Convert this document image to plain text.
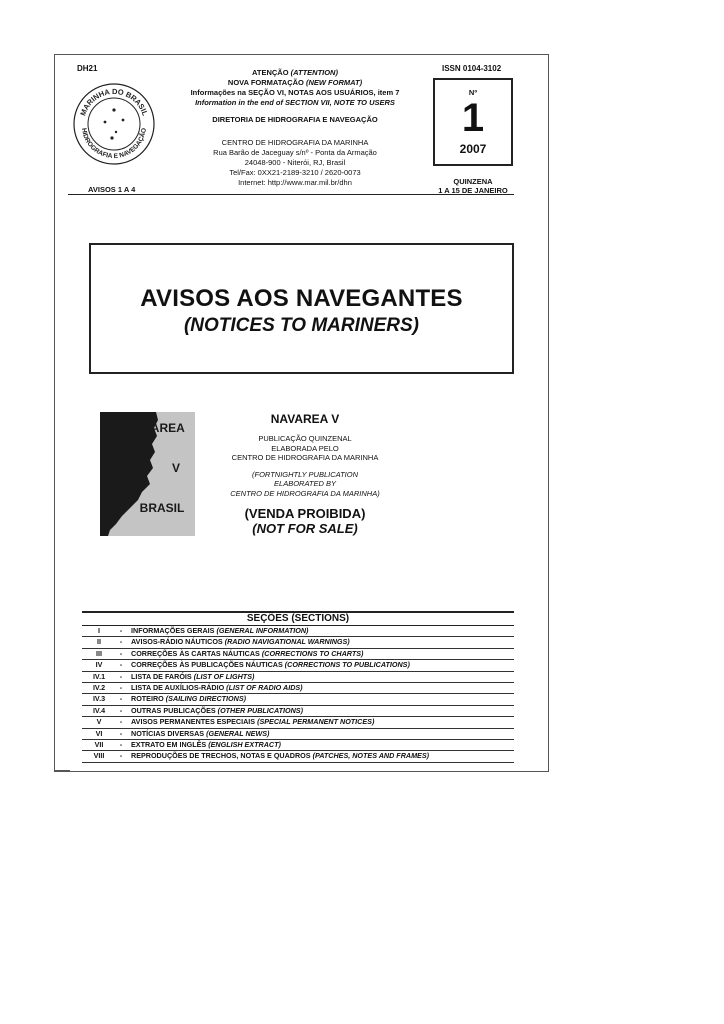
DH21
MARINHA DO BRASIL
HIDROGRAFIA E NAVEGAÇÃO
AVISOS 1 A 4
ATENÇÃO (ATTENTION)
NOVA FORMATAÇÃO (NEW FORMAT)
Informações na SEÇÃO VI, NOTAS AOS USUÁRIOS, item 7
Information in the end of SECTION VII, NOTE TO USERS
DIRETORIA DE HIDROGRAFIA E NAVEGAÇÃO
CENTRO DE HIDROGRAFIA DA MARINHA
Rua Barão de Jaceguay s/nº - Ponta da Armação
24048-900 - Niterói, RJ, Brasil
Tel/Fax: 0XX21-2189-3210 / 2620-0073
Internet: http://www.mar.mil.br/dhn
ISSN 0104-3102
Nº
1
2007
QUINZENA
1 A 15 DE JANEIRO
AVISOS AOS NAVEGANTES
(NOTICES TO MARINERS)
NAVAREA
V
BRASIL
NAVAREA V
PUBLICAÇÃO QUINZENAL
ELABORADA PELO
CENTRO DE HIDROGRAFIA DA MARINHA
(FORTNIGHTLY PUBLICATION
ELABORATED BY
CENTRO DE HIDROGRAFIA DA MARINHA)
(VENDA PROIBIDA)
(NOT FOR SALE)
SEÇÕES (SECTIONS)
I	-	INFORMAÇÕES GERAIS (GENERAL INFORMATION)
II	-	AVISOS-RÁDIO NÁUTICOS (RADIO NAVIGATIONAL WARNINGS)
III	-	CORREÇÕES ÀS CARTAS NÁUTICAS (CORRECTIONS TO CHARTS)
IV	-	CORREÇÕES ÀS PUBLICAÇÕES NÁUTICAS (CORRECTIONS TO PUBLICATIONS)
IV.1	-	LISTA DE FARÓIS (LIST OF LIGHTS)
IV.2	-	LISTA DE AUXÍLIOS-RÁDIO (LIST OF RADIO AIDS)
IV.3	-	ROTEIRO (SAILING DIRECTIONS)
IV.4	-	OUTRAS PUBLICAÇÕES (OTHER PUBLICATIONS)
V	-	AVISOS PERMANENTES ESPECIAIS (SPECIAL PERMANENT NOTICES)
VI	-	NOTÍCIAS DIVERSAS (GENERAL NEWS)
VII	-	EXTRATO EM INGLÊS (ENGLISH EXTRACT)
VIII	-	REPRODUÇÕES DE TRECHOS, NOTAS E QUADROS (PATCHES, NOTES AND FRAMES)
